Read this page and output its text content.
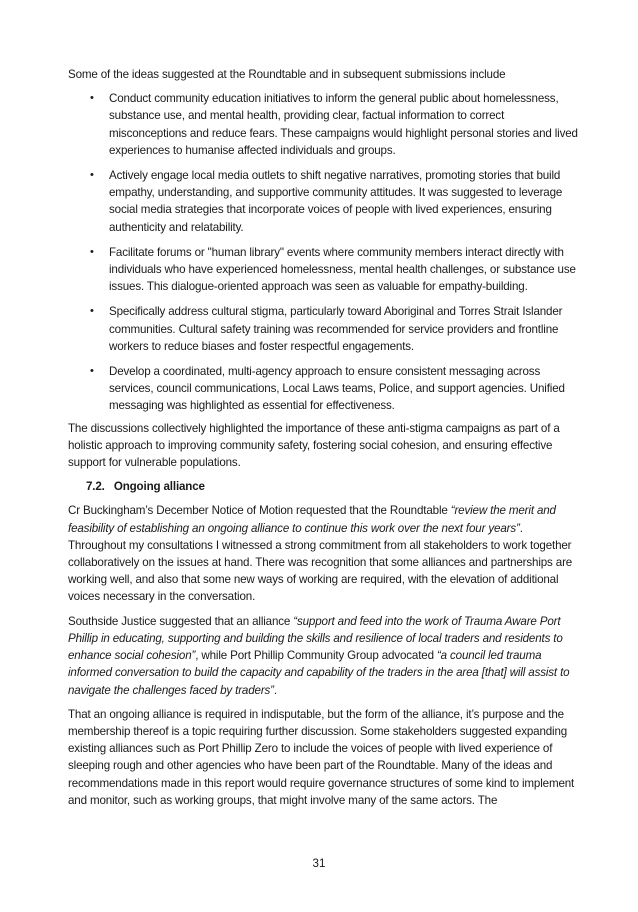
Some of the ideas suggested at the Roundtable and in subsequent submissions include

• Conduct community education initiatives to inform the general public about homelessness, substance use, and mental health, providing clear, factual information to correct misconceptions and reduce fears. These campaigns would highlight personal stories and lived experiences to humanise affected individuals and groups.
• Actively engage local media outlets to shift negative narratives, promoting stories that build empathy, understanding, and supportive community attitudes. It was suggested to leverage social media strategies that incorporate voices of people with lived experiences, ensuring authenticity and relatability.
• Facilitate forums or "human library" events where community members interact directly with individuals who have experienced homelessness, mental health challenges, or substance use issues. This dialogue-oriented approach was seen as valuable for empathy-building.
• Specifically address cultural stigma, particularly toward Aboriginal and Torres Strait Islander communities. Cultural safety training was recommended for service providers and frontline workers to reduce biases and foster respectful engagements.
• Develop a coordinated, multi-agency approach to ensure consistent messaging across services, council communications, Local Laws teams, Police, and support agencies. Unified messaging was highlighted as essential for effectiveness.

The discussions collectively highlighted the importance of these anti-stigma campaigns as part of a holistic approach to improving community safety, fostering social cohesion, and ensuring effective support for vulnerable populations.

7.2. Ongoing alliance

Cr Buckingham’s December Notice of Motion requested that the Roundtable “review the merit and feasibility of establishing an ongoing alliance to continue this work over the next four years”. Throughout my consultations I witnessed a strong commitment from all stakeholders to work together collaboratively on the issues at hand. There was recognition that some alliances and partnerships are working well, and also that some new ways of working are required, with the elevation of additional voices necessary in the conversation.

Southside Justice suggested that an alliance “support and feed into the work of Trauma Aware Port Phillip in educating, supporting and building the skills and resilience of local traders and residents to enhance social cohesion”, while Port Phillip Community Group advocated “a council led trauma informed conversation to build the capacity and capability of the traders in the area [that] will assist to navigate the challenges faced by traders”.

That an ongoing alliance is required in indisputable, but the form of the alliance, it’s purpose and the membership thereof is a topic requiring further discussion. Some stakeholders suggested expanding existing alliances such as Port Phillip Zero to include the voices of people with lived experience of sleeping rough and other agencies who have been part of the Roundtable. Many of the ideas and recommendations made in this report would require governance structures of some kind to implement and monitor, such as working groups, that might involve many of the same actors. The

31
